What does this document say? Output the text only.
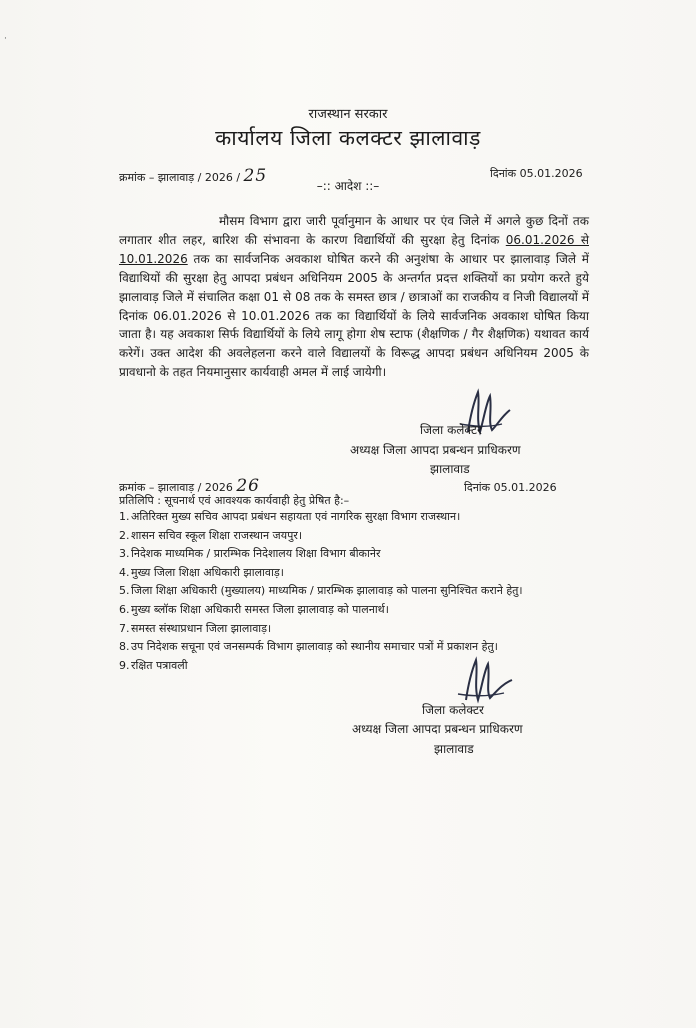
·
राजस्थान सरकार
कार्यालय जिला कलक्टर झालावाड़
क्रमांक – झालावाड़ / 2026 / 25	दिनांक 05.01.2026
–:: आदेश ::–
मौसम विभाग द्वारा जारी पूर्वानुमान के आधार पर एंव जिले में अगले कुछ दिनों तक लगातार शीत लहर, बारिश की संभावना के कारण विद्यार्थियों की सुरक्षा हेतु दिनांक 06.01.2026 से 10.01.2026 तक का सार्वजनिक अवकाश घोषित करने की अनुशंषा के आधार पर झालावाड़ जिले में विद्याथियों की सुरक्षा हेतु आपदा प्रबंधन अधिनियम 2005 के अन्तर्गत प्रदत्त शक्तियों का प्रयोग करते हुये झालावाड़ जिले में संचालित कक्षा 01 से 08 तक के समस्त छात्र / छात्राओं का राजकीय व निजी विद्यालयों में दिनांक 06.01.2026 से 10.01.2026 तक का विद्यार्थियों के लिये सार्वजनिक अवकाश घोषित किया जाता है। यह अवकाश सिर्फ विद्यार्थियों के लिये लागू होगा शेष स्टाफ (शैक्षणिक / गैर शैक्षणिक) यथावत कार्य करेगें। उक्त आदेश की अवलेहलना करने वाले विद्यालयों के विरूद्ध आपदा प्रबंधन अधिनियम 2005 के प्रावधानो के तहत नियमानुसार कार्यवाही अमल में लाई जायेगी।
जिला कलेक्टर
अध्यक्ष जिला आपदा प्रबन्धन प्राधिकरण
झालावाड
क्रमांक – झालावाड़ / 2026 26	दिनांक 05.01.2026
प्रतिलिपि : सूचनार्थ एवं आवश्यक कार्यवाही हेतु प्रेषित है:–
1. अतिरिक्त मुख्य सचिव आपदा प्रबंधन सहायता एवं नागरिक सुरक्षा विभाग राजस्थान।
2. शासन सचिव स्कूल शिक्षा राजस्थान जयपुर।
3. निदेशक माध्यमिक / प्रारम्भिक निदेशालय शिक्षा विभाग बीकानेर
4. मुख्य जिला शिक्षा अधिकारी झालावाड़।
5. जिला शिक्षा अधिकारी (मुख्यालय) माध्यमिक / प्रारम्भिक झालावाड़ को पालना सुनिश्चित कराने हेतु।
6. मुख्य ब्लॉक शिक्षा अधिकारी समस्त जिला झालावाड़ को पालनार्थ।
7. समस्त संस्थाप्रधान जिला झालावाड़।
8. उप निदेशक सचूना एवं जनसम्पर्क विभाग झालावाड़ को स्थानीय समाचार पत्रों में प्रकाशन हेतु।
9. रक्षित पत्रावली
जिला कलेक्टर
अध्यक्ष जिला आपदा प्रबन्धन प्राधिकरण
झालावाड
